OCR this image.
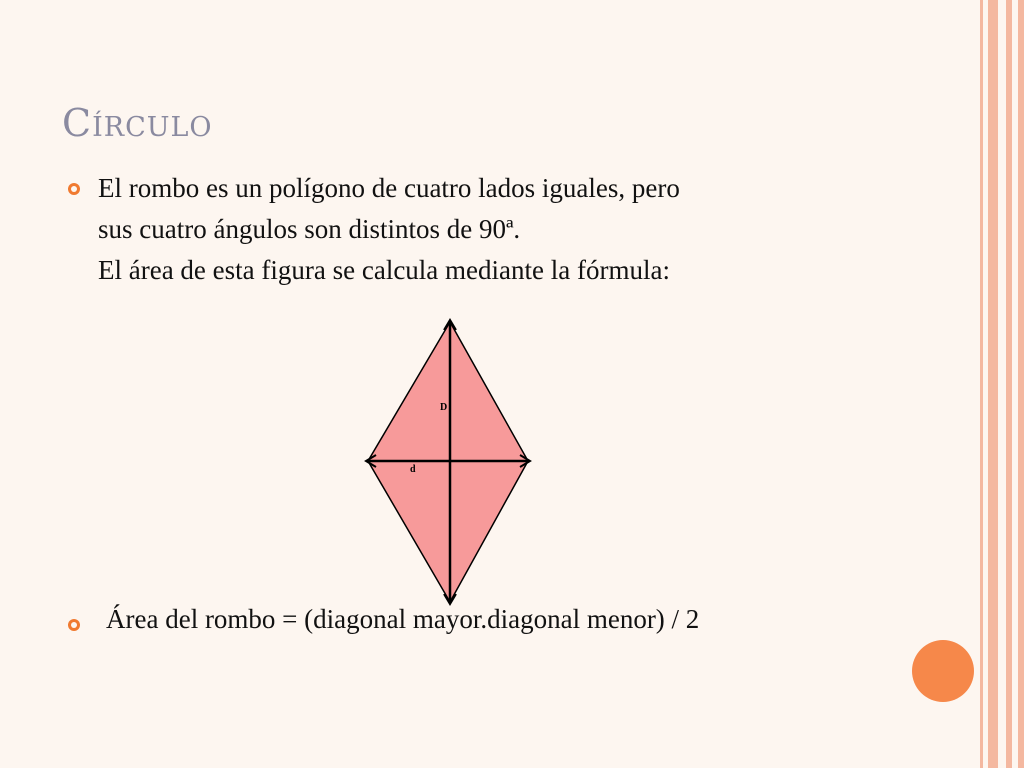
Círculo
El rombo es un polígono de cuatro lados iguales, pero
sus cuatro ángulos son distintos de 90ª.
El área de esta figura se calcula mediante la fórmula:
D
d
Área del rombo = (diagonal mayor.diagonal menor) / 2
